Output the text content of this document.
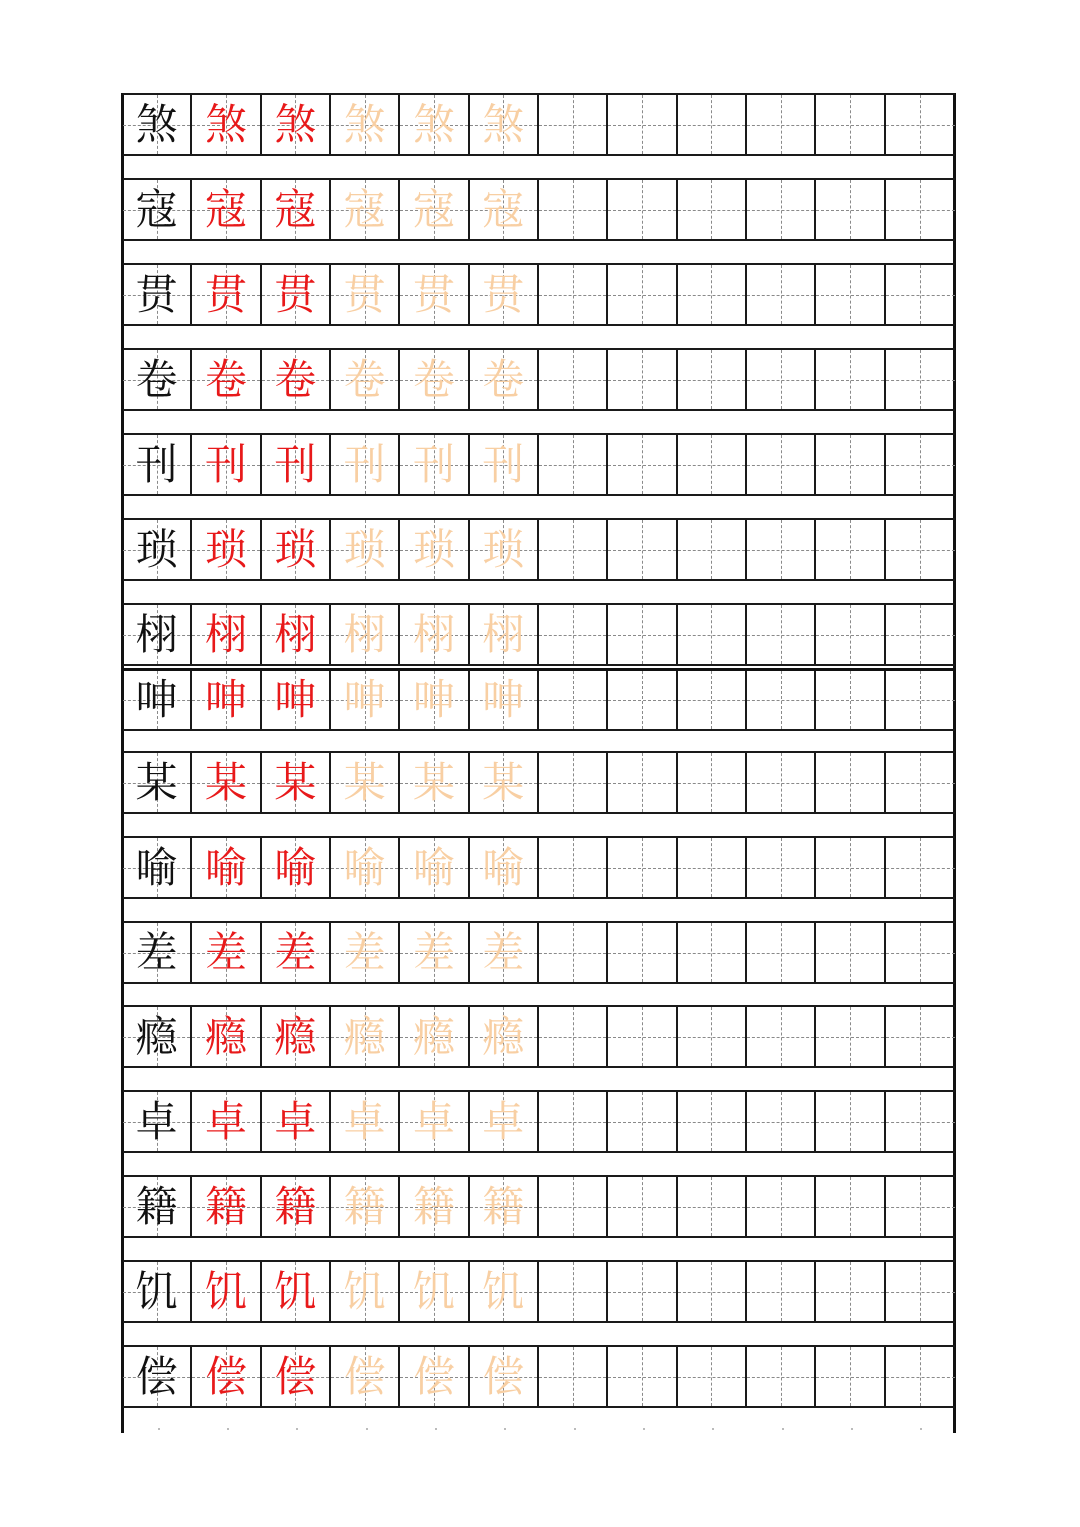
煞 煞 煞 煞 煞 煞
寇 寇 寇 寇 寇 寇
贯 贯 贯 贯 贯 贯
卷 卷 卷 卷 卷 卷
刊 刊 刊 刊 刊 刊
琐 琐 琐 琐 琐 琐
栩 栩 栩 栩 栩 栩
呻 呻 呻 呻 呻 呻
某 某 某 某 某 某
喻 喻 喻 喻 喻 喻
差 差 差 差 差 差
瘾 瘾 瘾 瘾 瘾 瘾
卓 卓 卓 卓 卓 卓
籍 籍 籍 籍 籍 籍
饥 饥 饥 饥 饥 饥
偿 偿 偿 偿 偿 偿
